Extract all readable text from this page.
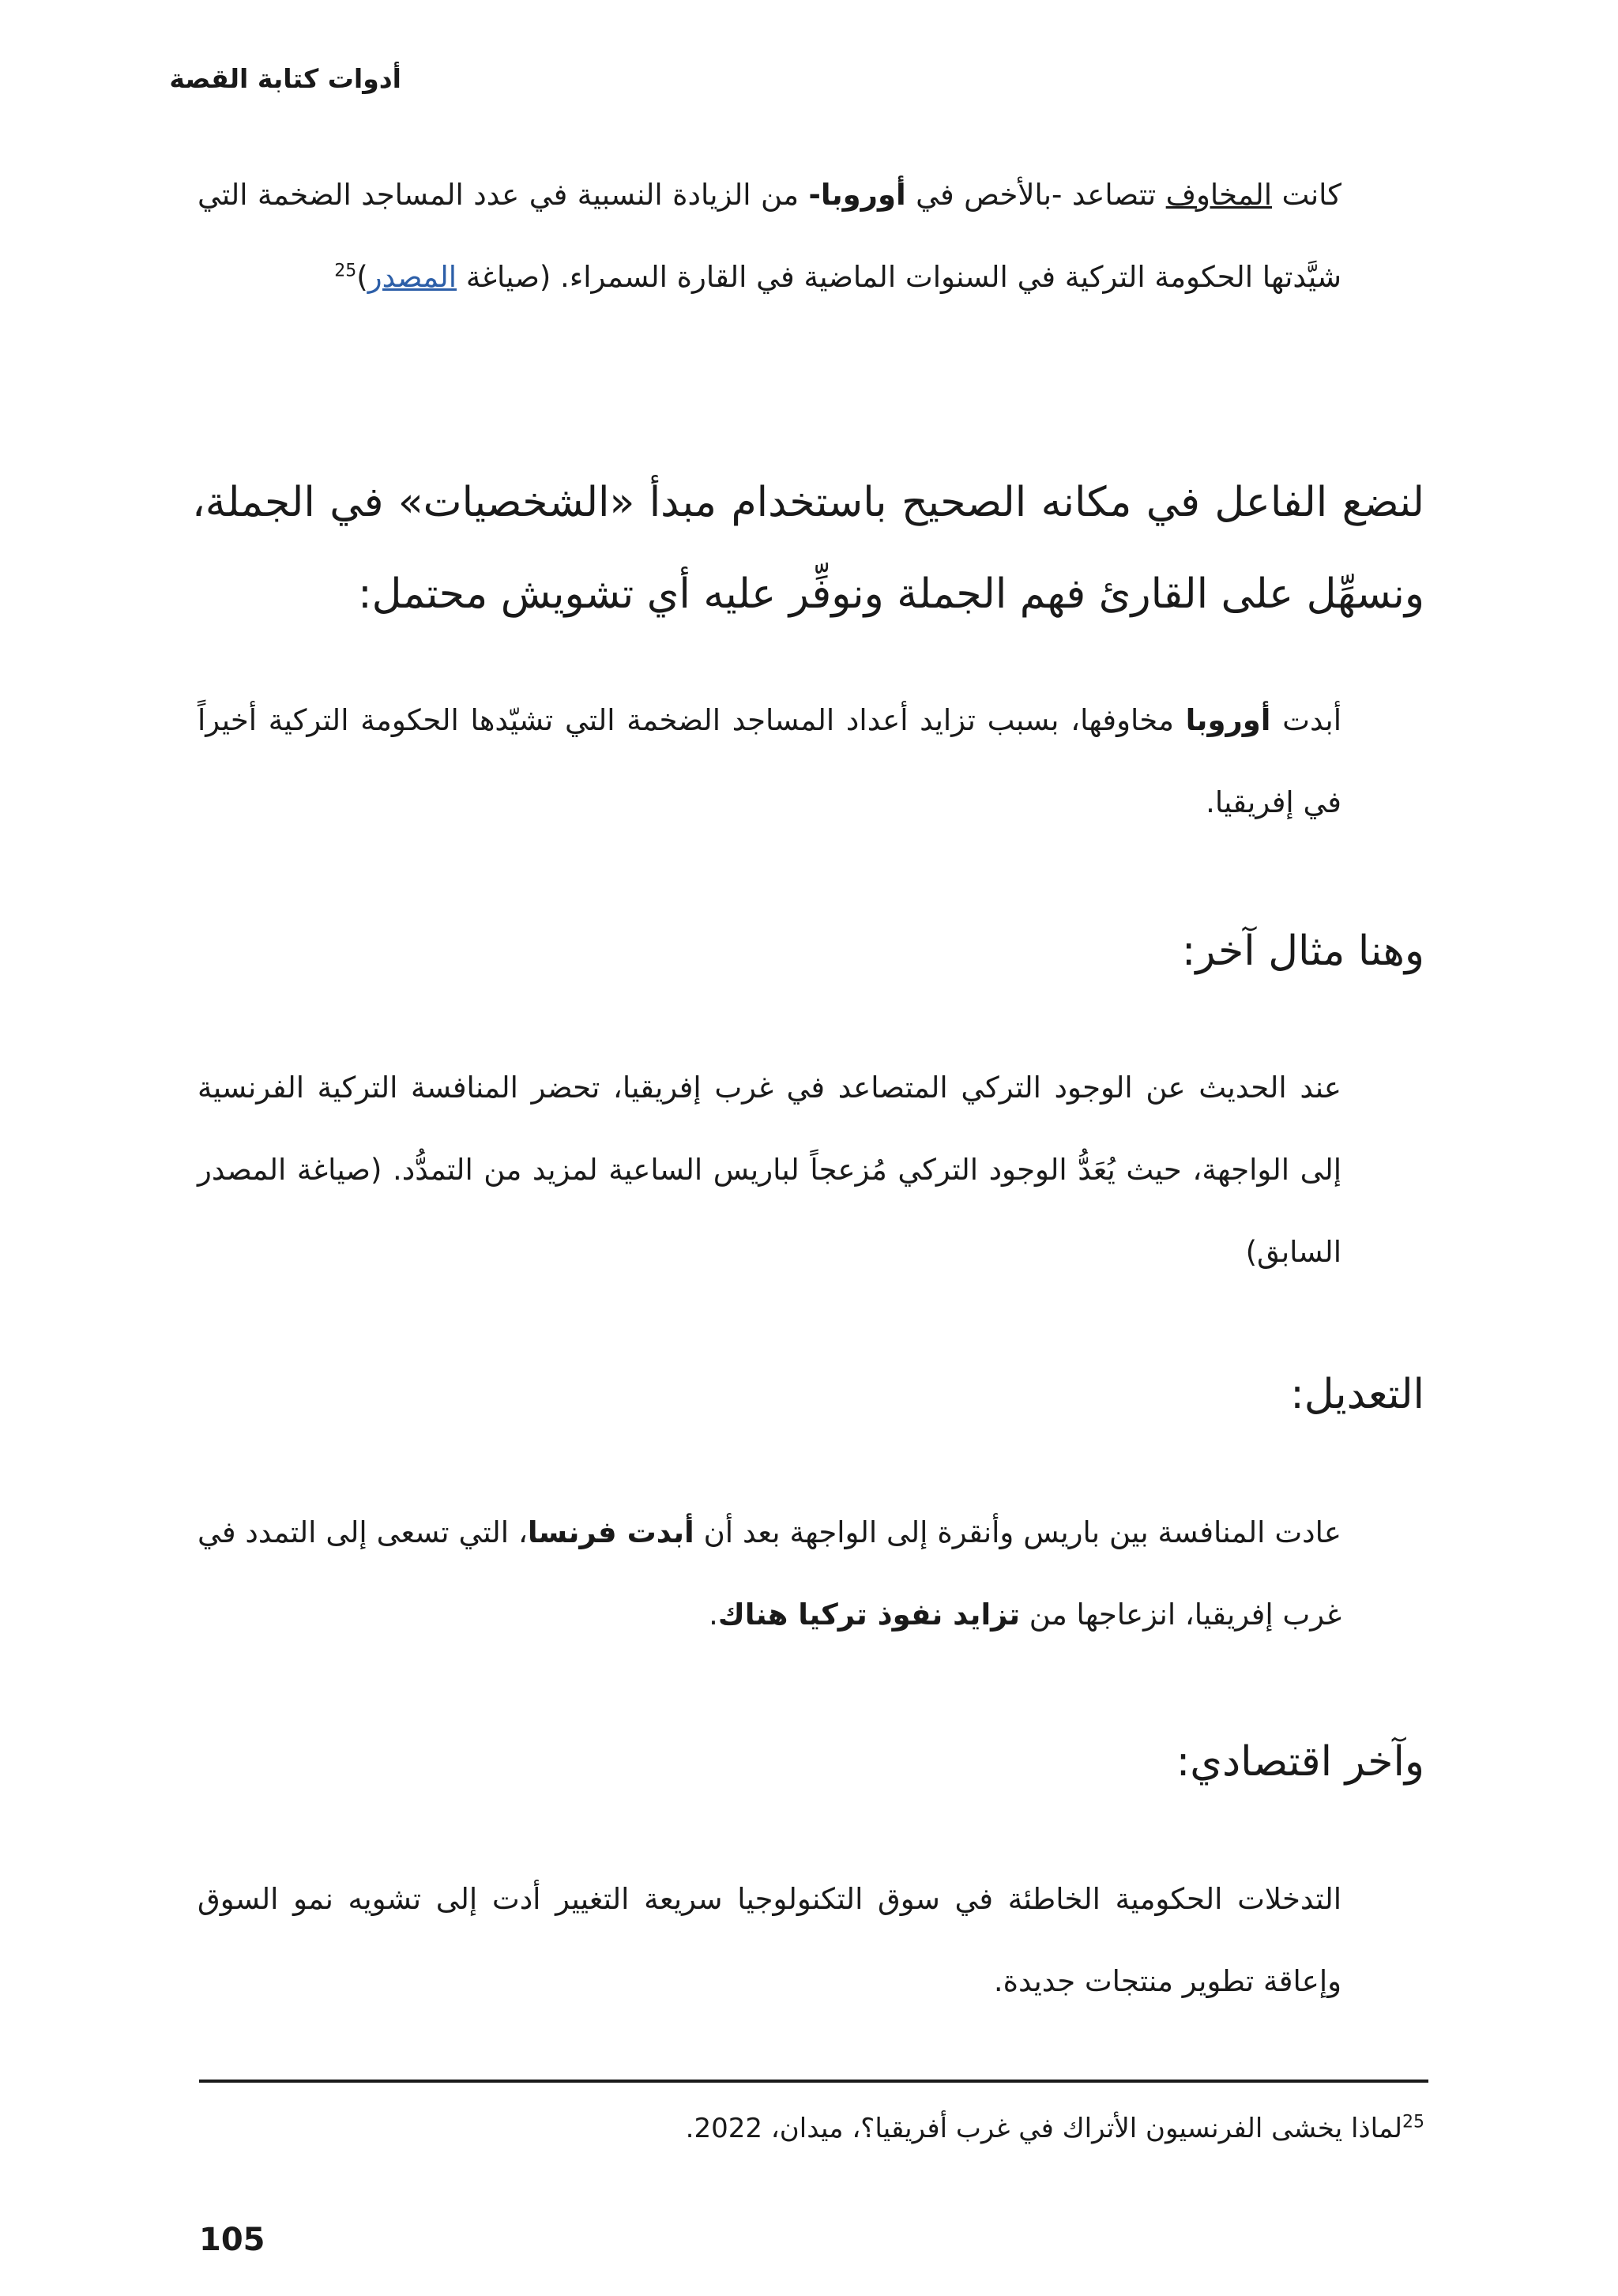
أدوات كتابة القصة
كانت المخاوف تتصاعد -بالأخص في أوروبا- من الزيادة النسبية في عدد المساجد الضخمة التي شيَّدتها الحكومة التركية في السنوات الماضية في القارة السمراء. (صياغة المصدر)$^{25}$
لنضع الفاعل في مكانه الصحيح باستخدام مبدأ «الشخصيات» في الجملة، ونسهِّل على القارئ فهم الجملة ونوفِّر عليه أي تشويش محتمل:
أبدت أوروبا مخاوفها، بسبب تزايد أعداد المساجد الضخمة التي تشيّدها الحكومة التركية أخيراً في إفريقيا.
وهنا مثال آخر:
عند الحديث عن الوجود التركي المتصاعد في غرب إفريقيا، تحضر المنافسة التركية الفرنسية إلى الواجهة، حيث يُعَدُّ الوجود التركي مُزعجاً لباريس الساعية لمزيد من التمدُّد. (صياغة المصدر السابق)
التعديل:
عادت المنافسة بين باريس وأنقرة إلى الواجهة بعد أن أبدت فرنسا، التي تسعى إلى التمدد في غرب إفريقيا، انزعاجها من تزايد نفوذ تركيا هناك.
وآخر اقتصادي:
التدخلات الحكومية الخاطئة في سوق التكنولوجيا سريعة التغيير أدت إلى تشويه نمو السوق وإعاقة تطوير منتجات جديدة.
$^{25}$لماذا يخشى الفرنسيون الأتراك في غرب أفريقيا؟، ميدان، 2022.
105
